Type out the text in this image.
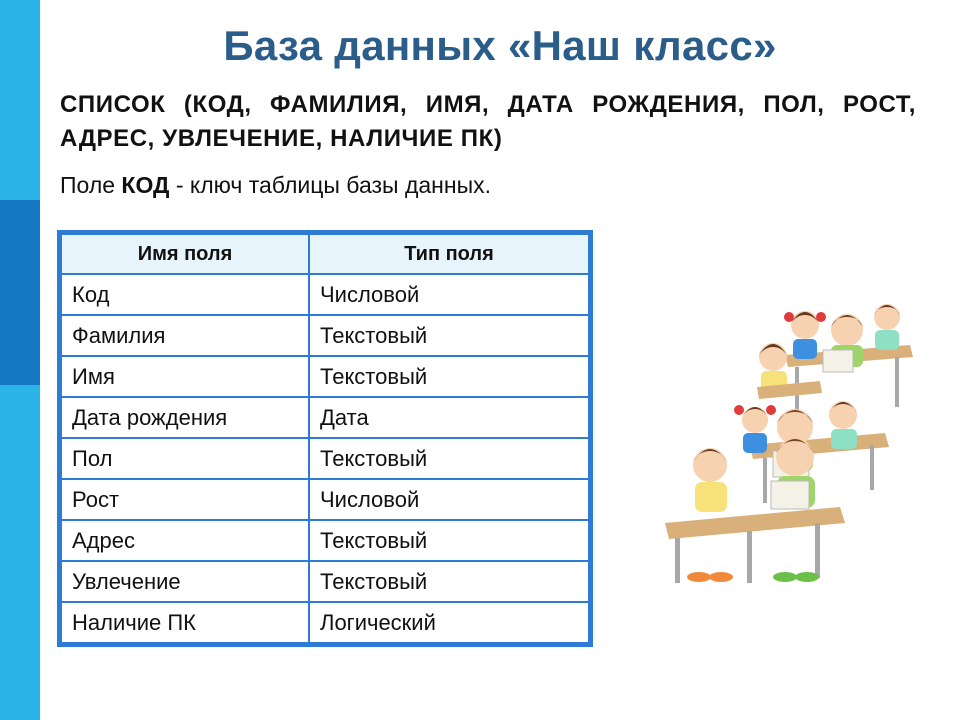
База данных «Наш класс»
СПИСОК (КОД, ФАМИЛИЯ, ИМЯ, ДАТА РОЖДЕНИЯ, ПОЛ, РОСТ, АДРЕС, УВЛЕЧЕНИЕ, НАЛИЧИЕ ПК)
Поле КОД - ключ таблицы базы данных.
Имя поля	Тип поля
Код	Числовой
Фамилия	Текстовый
Имя	Текстовый
Дата рождения	Дата
Пол	Текстовый
Рост	Числовой
Адрес	Текстовый
Увлечение	Текстовый
Наличие ПК	Логический
